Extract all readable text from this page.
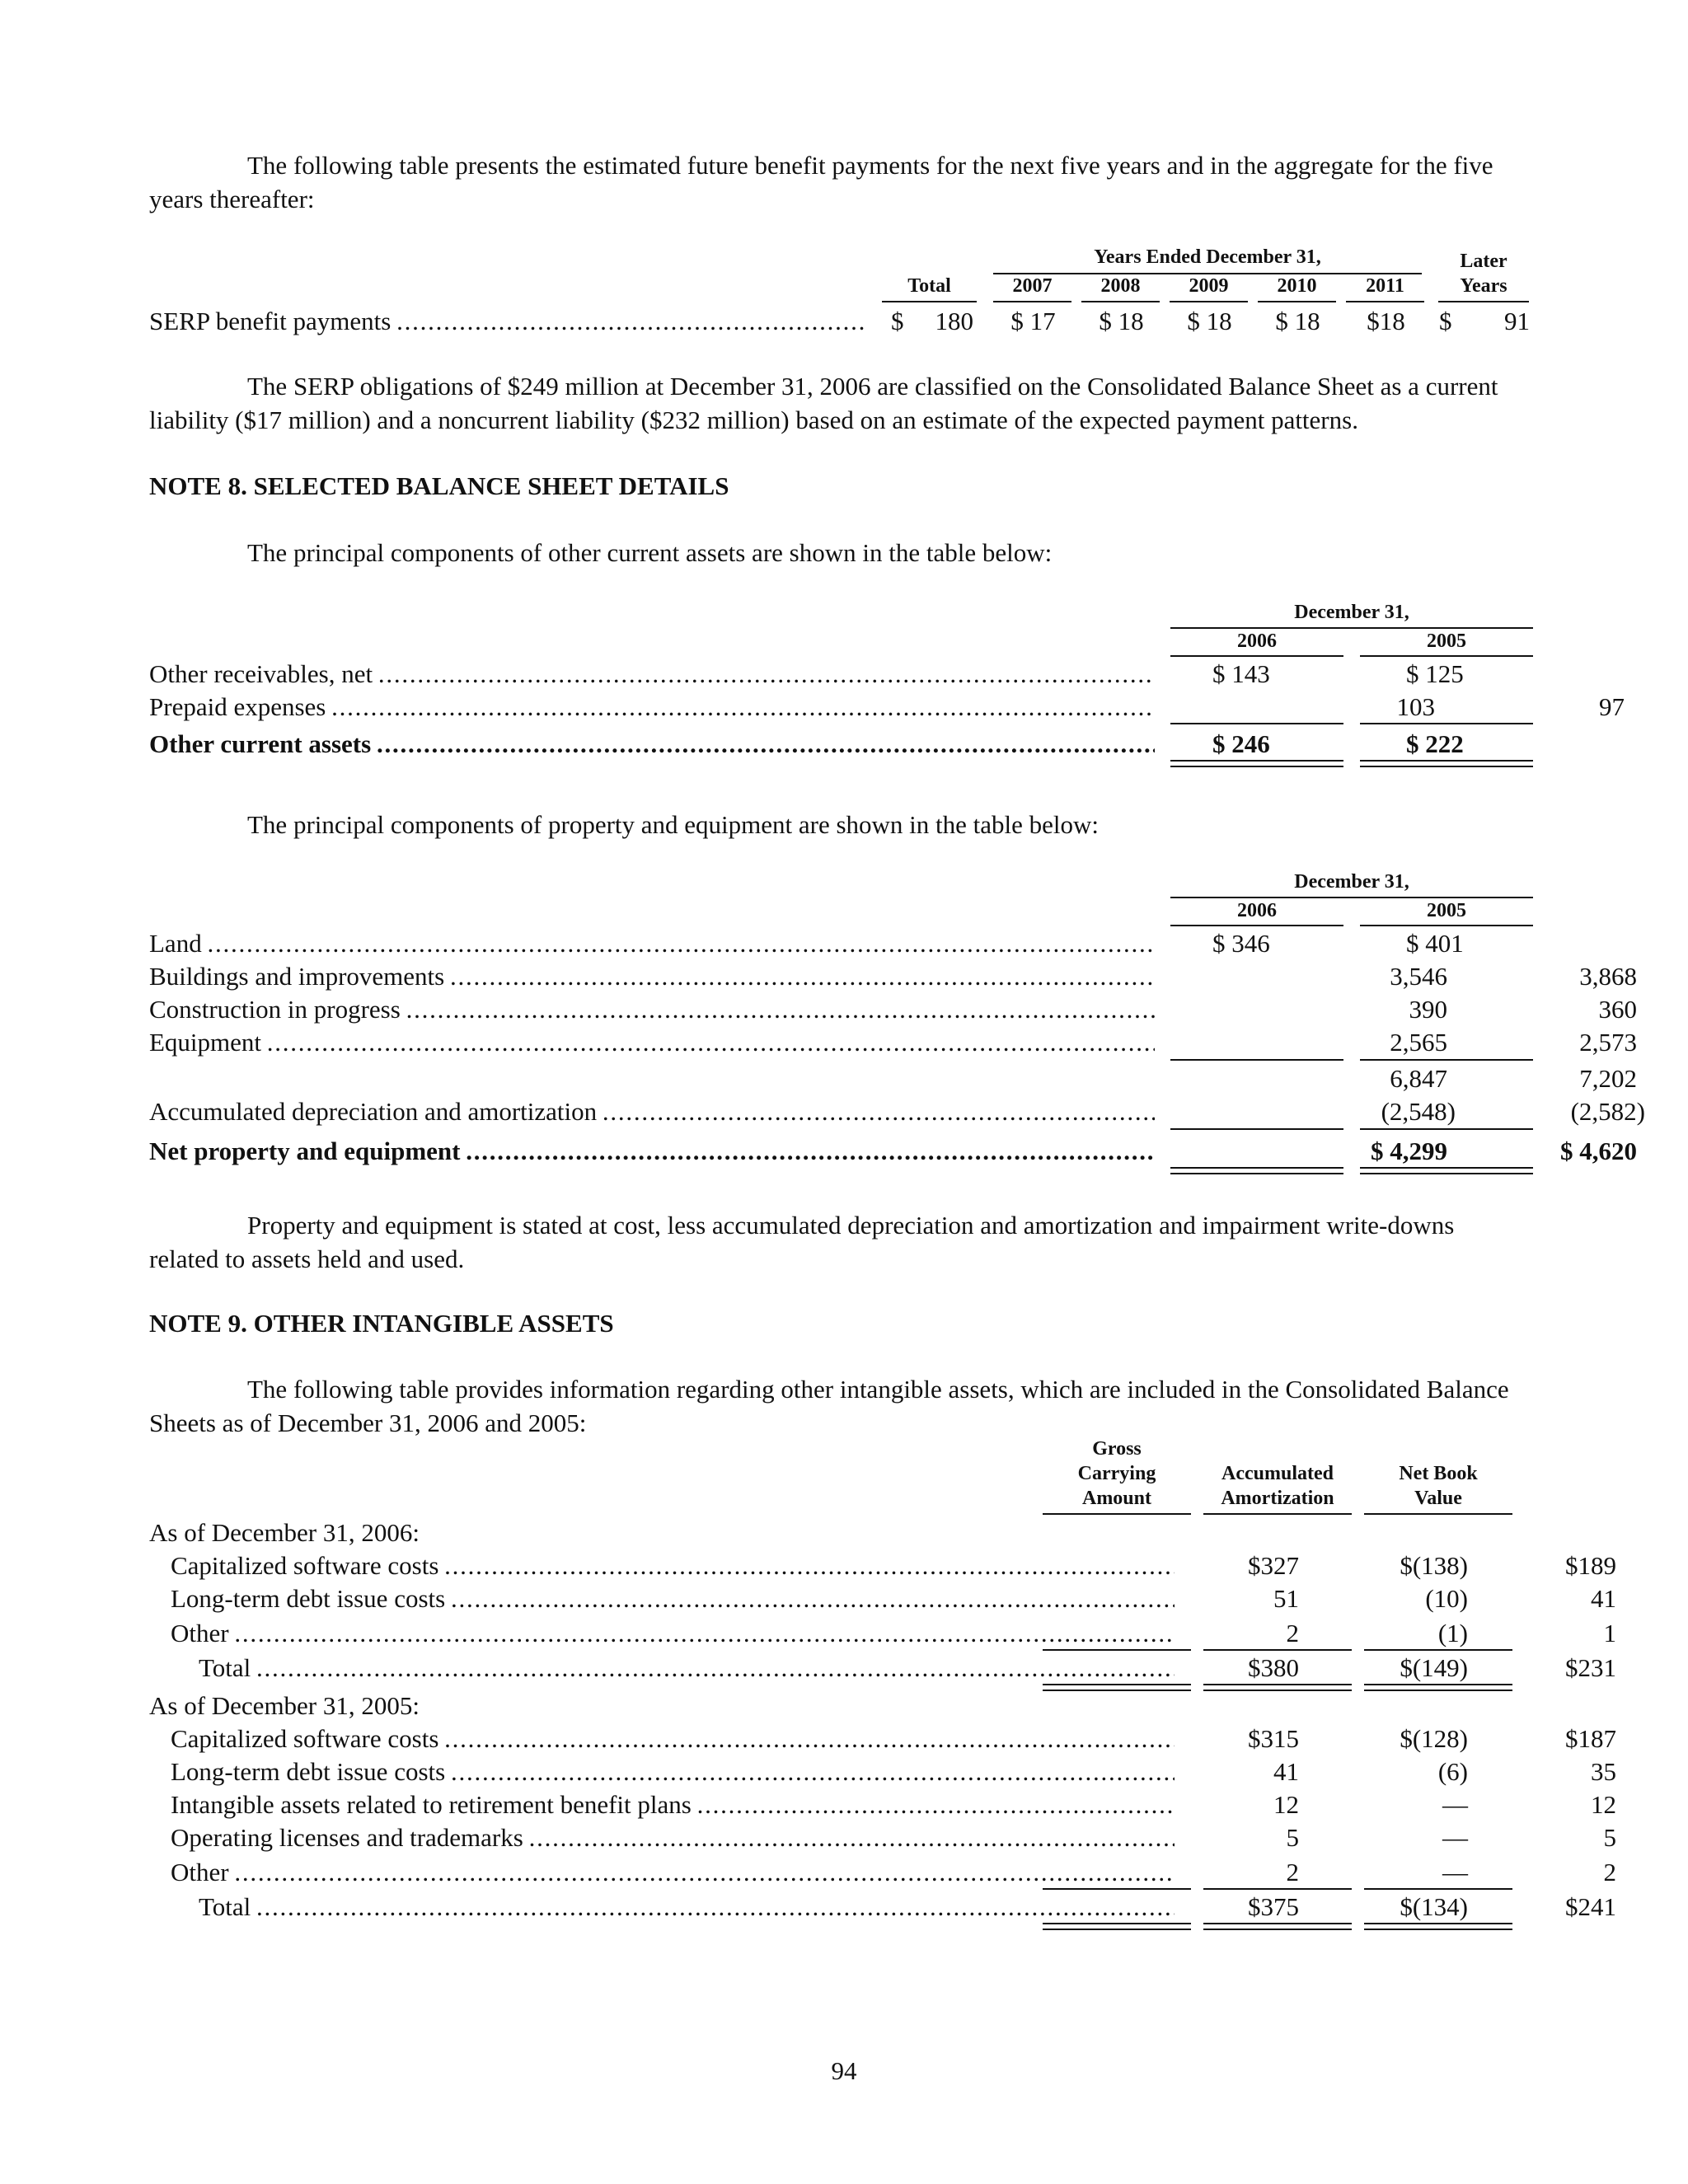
The following table presents the estimated future benefit payments for the next five years and in the aggregate for the five years thereafter:
Years Ended December 31,	Later
Years
Total	2007	2008	2009	2010	2011
SERP benefit payments . . .	$ 180	$ 17	$ 18	$ 18	$ 18	$18	$	91
The SERP obligations of $249 million at December 31, 2006 are classified on the Consolidated Balance Sheet as a current liability ($17 million) and a noncurrent liability ($232 million) based on an estimate of the expected payment patterns.
NOTE 8. SELECTED BALANCE SHEET DETAILS
The principal components of other current assets are shown in the table below:
December 31,
2006	2005
Other receivables, net . . .	$ 143	$ 125
Prepaid expenses . . .	103	97
Other current assets . . .	$ 246	$ 222
The principal components of property and equipment are shown in the table below:
December 31,
2006	2005
Land . . .	$ 346	$ 401
Buildings and improvements . . .	3,546	3,868
Construction in progress . . .	390	360
Equipment . . .	2,565	2,573
6,847	7,202
Accumulated depreciation and amortization . . .	(2,548)	(2,582)
Net property and equipment . . .	$ 4,299	$ 4,620
Property and equipment is stated at cost, less accumulated depreciation and amortization and impairment write-downs related to assets held and used.
NOTE 9. OTHER INTANGIBLE ASSETS
The following table provides information regarding other intangible assets, which are included in the Consolidated Balance Sheets as of December 31, 2006 and 2005:
Gross
Carrying
Amount
Accumulated
Amortization
Net Book
Value
As of December 31, 2006:
Capitalized software costs . . .	$327	$(138)	$189
Long-term debt issue costs . . .	51	(10)	41
Other . . .	2	(1)	1
Total . . .	$380	$(149)	$231
As of December 31, 2005:
Capitalized software costs . . .	$315	$(128)	$187
Long-term debt issue costs . . .	41	(6)	35
Intangible assets related to retirement benefit plans . . .	12	—	12
Operating licenses and trademarks . . .	5	—	5
Other . . .	2	—	2
Total . . .	$375	$(134)	$241
94
